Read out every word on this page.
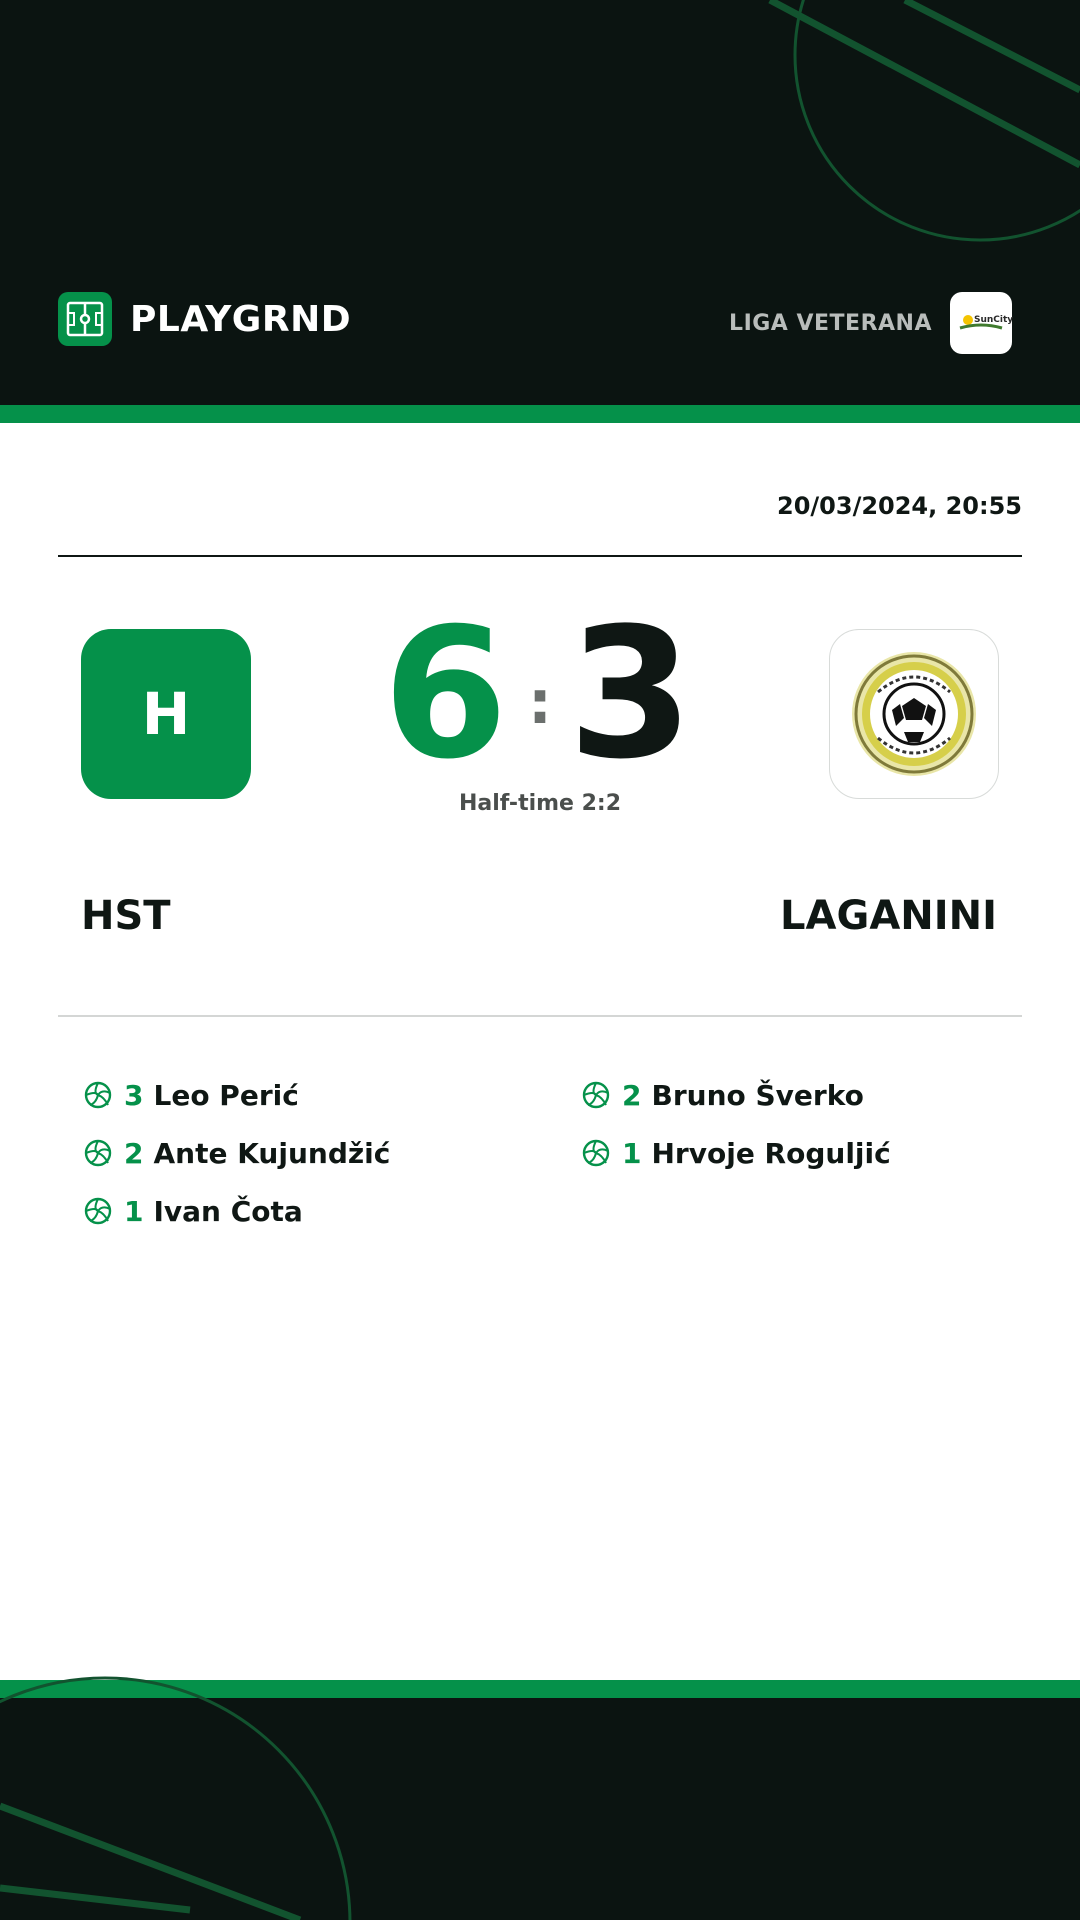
PLAYGRND	LIGA VETERANA	SunCity
20/03/2024, 20:55
H	6 : 3
Half-time 2:2
HST	LAGANINI
3 Leo Perić
2 Ante Kujundžić
1 Ivan Čota
2 Bruno Šverko
1 Hrvoje Roguljić
